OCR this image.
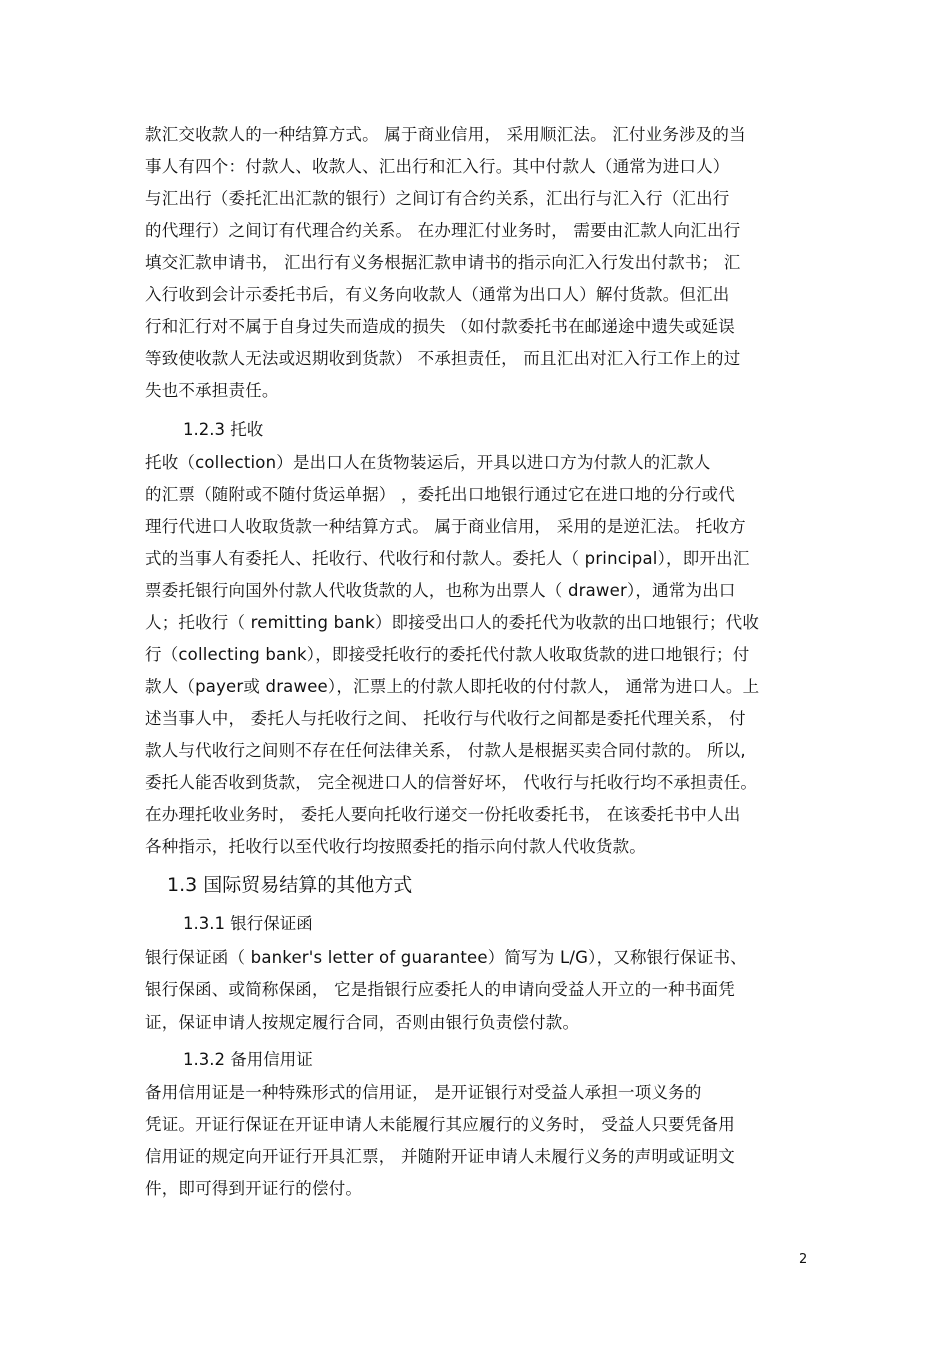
款汇交收款人的一种结算方式。 属于商业信用， 采用顺汇法。 汇付业务涉及的当
事人有四个：付款人、收款人、汇出行和汇入行。其中付款人（通常为进口人）
与汇出行（委托汇出汇款的银行）之间订有合约关系，汇出行与汇入行（汇出行
的代理行）之间订有代理合约关系。 在办理汇付业务时， 需要由汇款人向汇出行
填交汇款申请书， 汇出行有义务根据汇款申请书的指示向汇入行发出付款书； 汇
入行收到会计示委托书后，有义务向收款人（通常为出口人）解付货款。但汇出
行和汇行对不属于自身过失而造成的损失 （如付款委托书在邮递途中遗失或延误
等致使收款人无法或迟期收到货款） 不承担责任， 而且汇出对汇入行工作上的过
失也不承担责任。
1.2.3 托收
托收（collection）是出口人在货物装运后，开具以进口方为付款人的汇款人
的汇票（随附或不随付货运单据） ，委托出口地银行通过它在进口地的分行或代
理行代进口人收取货款一种结算方式。 属于商业信用， 采用的是逆汇法。 托收方
式的当事人有委托人、托收行、代收行和付款人。委托人（ principal），即开出汇
票委托银行向国外付款人代收货款的人，也称为出票人（ drawer），通常为出口
人；托收行（ remitting bank）即接受出口人的委托代为收款的出口地银行；代收
行（collecting bank），即接受托收行的委托代付款人收取货款的进口地银行；付
款人（payer或 drawee），汇票上的付款人即托收的付付款人， 通常为进口人。上
述当事人中， 委托人与托收行之间、 托收行与代收行之间都是委托代理关系， 付
款人与代收行之间则不存在任何法律关系， 付款人是根据买卖合同付款的。 所以,
委托人能否收到货款， 完全视进口人的信誉好坏， 代收行与托收行均不承担责任。
在办理托收业务时， 委托人要向托收行递交一份托收委托书， 在该委托书中人出
各种指示，托收行以至代收行均按照委托的指示向付款人代收货款。
1.3 国际贸易结算的其他方式
1.3.1 银行保证函
银行保证函（ banker's letter of guarantee）简写为 L/G），又称银行保证书、
银行保函、或简称保函， 它是指银行应委托人的申请向受益人开立的一种书面凭
证，保证申请人按规定履行合同，否则由银行负责偿付款。
1.3.2 备用信用证
备用信用证是一种特殊形式的信用证， 是开证银行对受益人承担一项义务的
凭证。开证行保证在开证申请人未能履行其应履行的义务时， 受益人只要凭备用
信用证的规定向开证行开具汇票， 并随附开证申请人未履行义务的声明或证明文
件，即可得到开证行的偿付。
2
